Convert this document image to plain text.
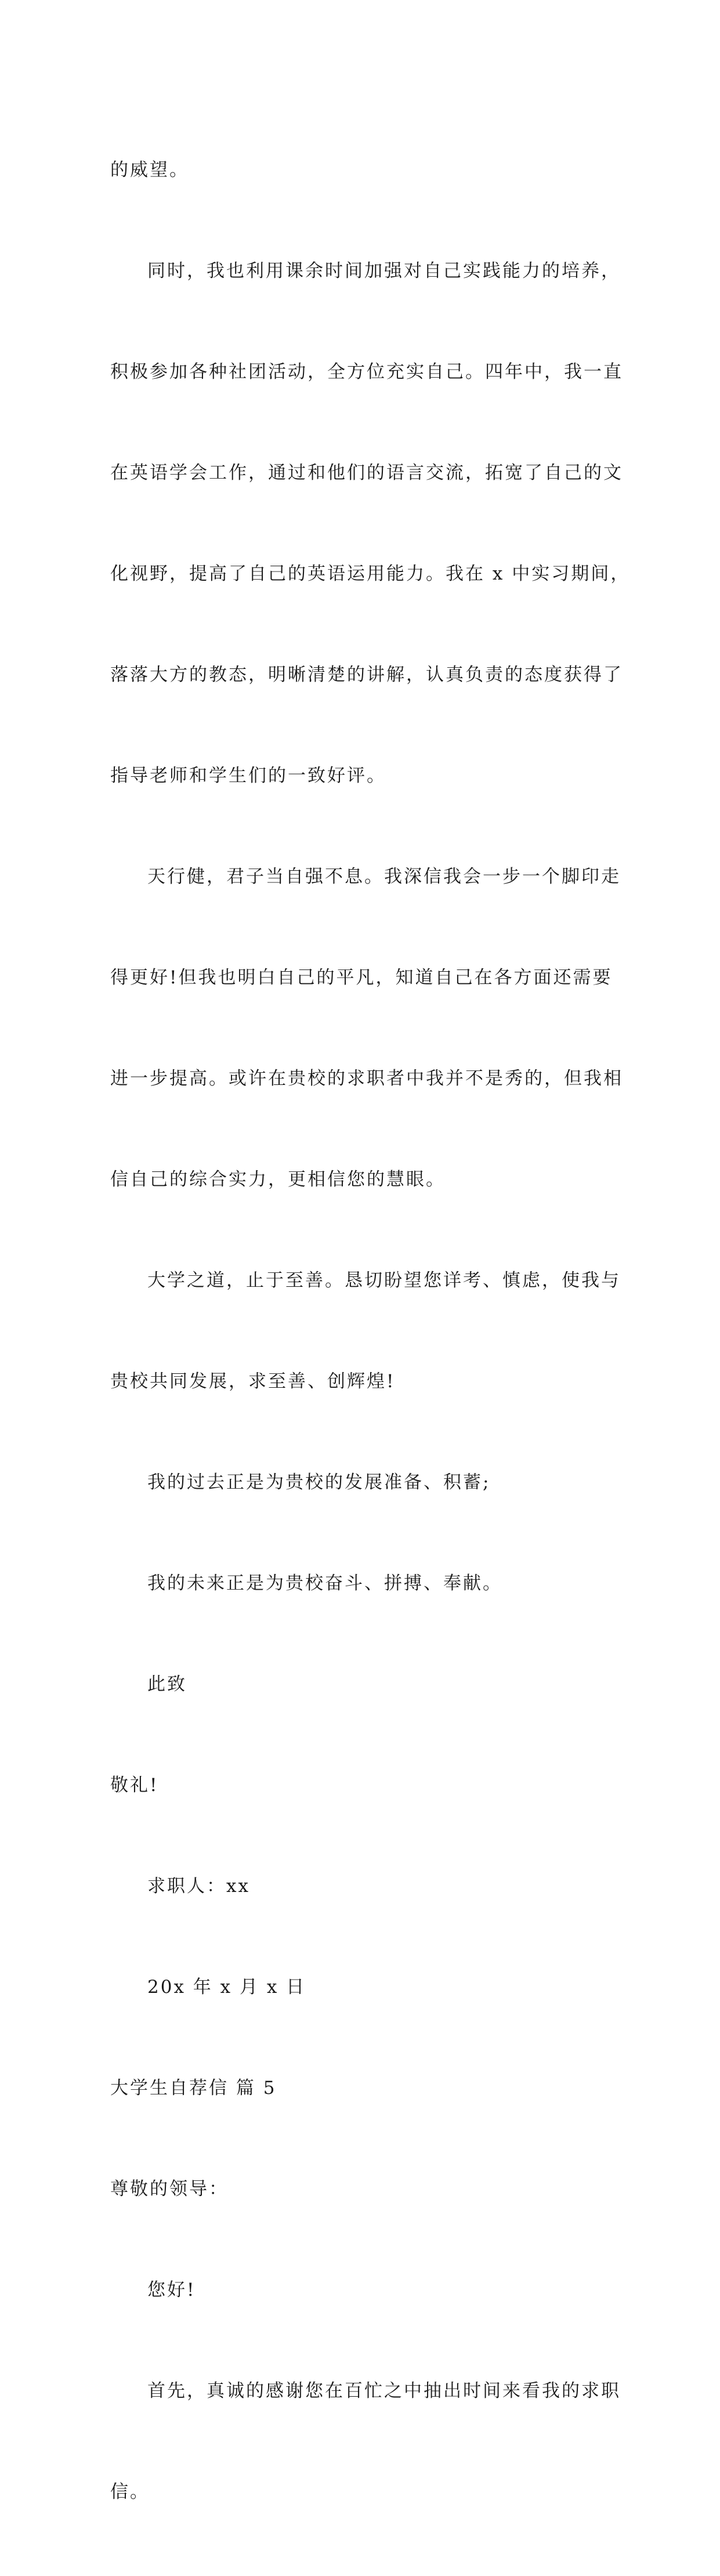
的威望。

同时，我也利用课余时间加强对自己实践能力的培养，

积极参加各种社团活动，全方位充实自己。四年中，我一直

在英语学会工作，通过和他们的语言交流，拓宽了自己的文

化视野，提高了自己的英语运用能力。我在 x 中实习期间，

落落大方的教态，明晰清楚的讲解，认真负责的态度获得了

指导老师和学生们的一致好评。

天行健，君子当自强不息。我深信我会一步一个脚印走

得更好!但我也明白自己的平凡，知道自己在各方面还需要

进一步提高。或许在贵校的求职者中我并不是秀的，但我相

信自己的综合实力，更相信您的慧眼。

大学之道，止于至善。恳切盼望您详考、慎虑，使我与

贵校共同发展，求至善、创辉煌!

我的过去正是为贵校的发展准备、积蓄;

我的未来正是为贵校奋斗、拼搏、奉献。

此致

敬礼!

求职人：xx

20x 年 x 月 x 日

大学生自荐信 篇 5

尊敬的领导：

您好!

首先，真诚的感谢您在百忙之中抽出时间来看我的求职

信。
